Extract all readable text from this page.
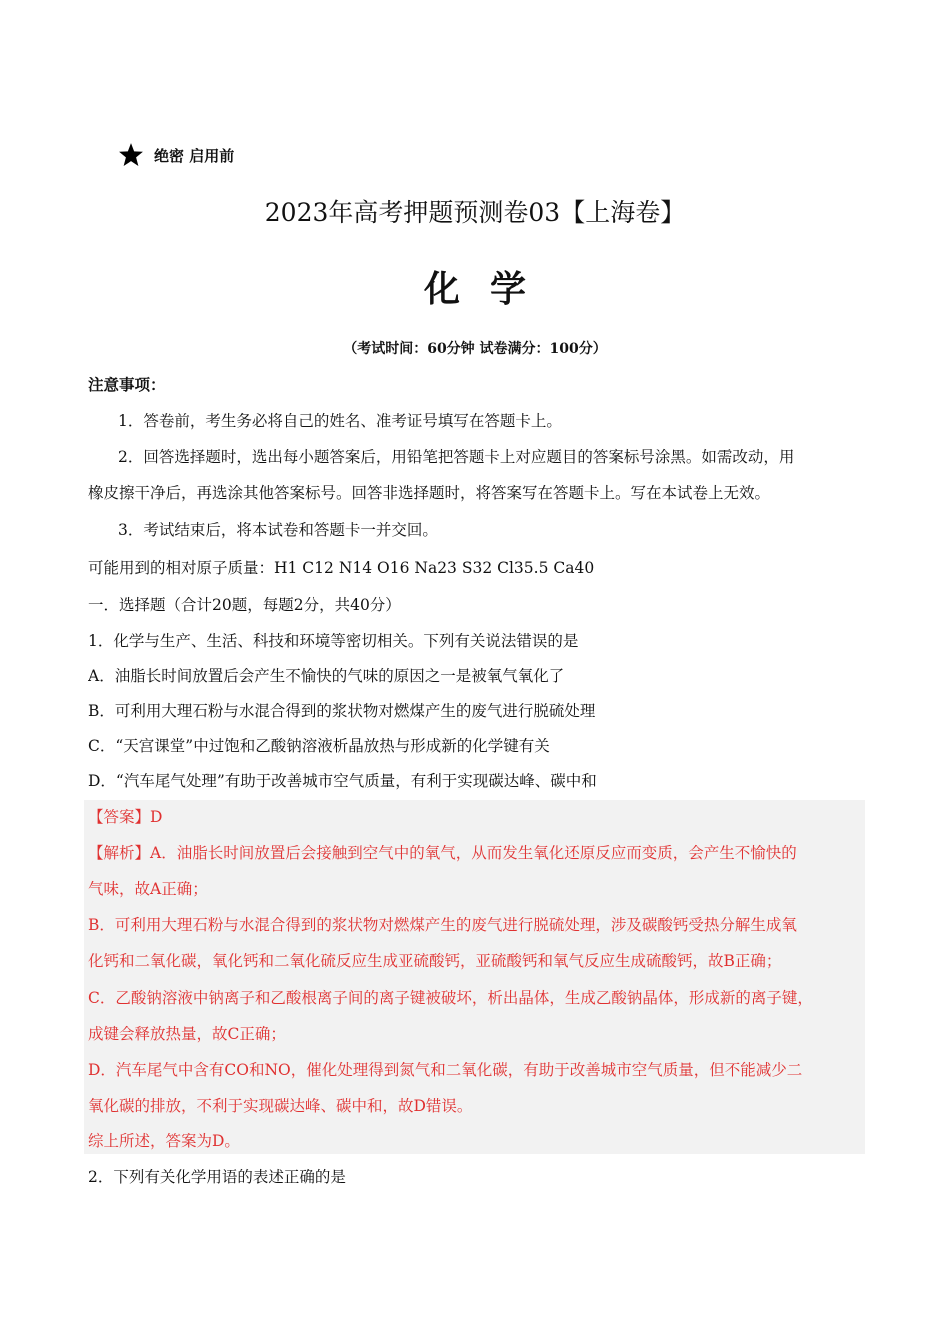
绝密 启用前
2023年高考押题预测卷03【上海卷】
化学
（考试时间：60分钟 试卷满分：100分）
注意事项：
1．答卷前，考生务必将自己的姓名、准考证号填写在答题卡上。
2．回答选择题时，选出每小题答案后，用铅笔把答题卡上对应题目的答案标号涂黑。如需改动，用
橡皮擦干净后，再选涂其他答案标号。回答非选择题时，将答案写在答题卡上。写在本试卷上无效。
3．考试结束后，将本试卷和答题卡一并交回。
可能用到的相对原子质量：H1 C12 N14 O16 Na23 S32 Cl35.5 Ca40
一．选择题（合计20题，每题2分，共40分）
1．化学与生产、生活、科技和环境等密切相关。下列有关说法错误的是
A．油脂长时间放置后会产生不愉快的气味的原因之一是被氧气氧化了
B．可利用大理石粉与水混合得到的浆状物对燃煤产生的废气进行脱硫处理
C．“天宫课堂”中过饱和乙酸钠溶液析晶放热与形成新的化学键有关
D．“汽车尾气处理”有助于改善城市空气质量，有利于实现碳达峰、碳中和
【答案】D
【解析】A．油脂长时间放置后会接触到空气中的氧气，从而发生氧化还原反应而变质，会产生不愉快的
气味，故A正确；
B．可利用大理石粉与水混合得到的浆状物对燃煤产生的废气进行脱硫处理，涉及碳酸钙受热分解生成氧
化钙和二氧化碳，氧化钙和二氧化硫反应生成亚硫酸钙，亚硫酸钙和氧气反应生成硫酸钙，故B正确；
C．乙酸钠溶液中钠离子和乙酸根离子间的离子键被破坏，析出晶体，生成乙酸钠晶体，形成新的离子键，
成键会释放热量，故C正确；
D．汽车尾气中含有CO和NO，催化处理得到氮气和二氧化碳，有助于改善城市空气质量，但不能减少二
氧化碳的排放，不利于实现碳达峰、碳中和，故D错误。
综上所述，答案为D。
2．下列有关化学用语的表述正确的是
